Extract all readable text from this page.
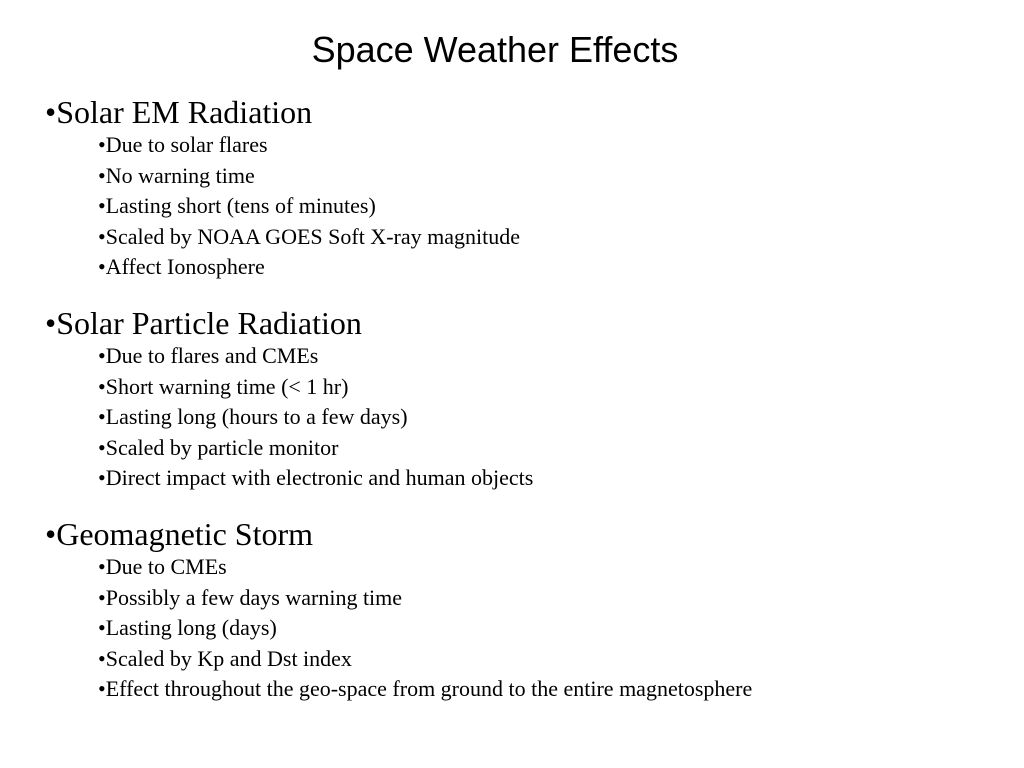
Space Weather Effects

•Solar EM Radiation

•Due to solar flares
•No warning time
•Lasting short (tens of minutes)
•Scaled by NOAA GOES Soft X-ray magnitude
•Affect Ionosphere

•Solar Particle Radiation

•Due to flares and CMEs
•Short warning time (< 1 hr)
•Lasting long (hours to a few days)
•Scaled by particle monitor
•Direct impact with electronic and human objects

•Geomagnetic Storm

•Due to CMEs
•Possibly a few days warning time
•Lasting long (days)
•Scaled by Kp and Dst index
•Effect throughout the geo-space from ground to the entire magnetosphere
